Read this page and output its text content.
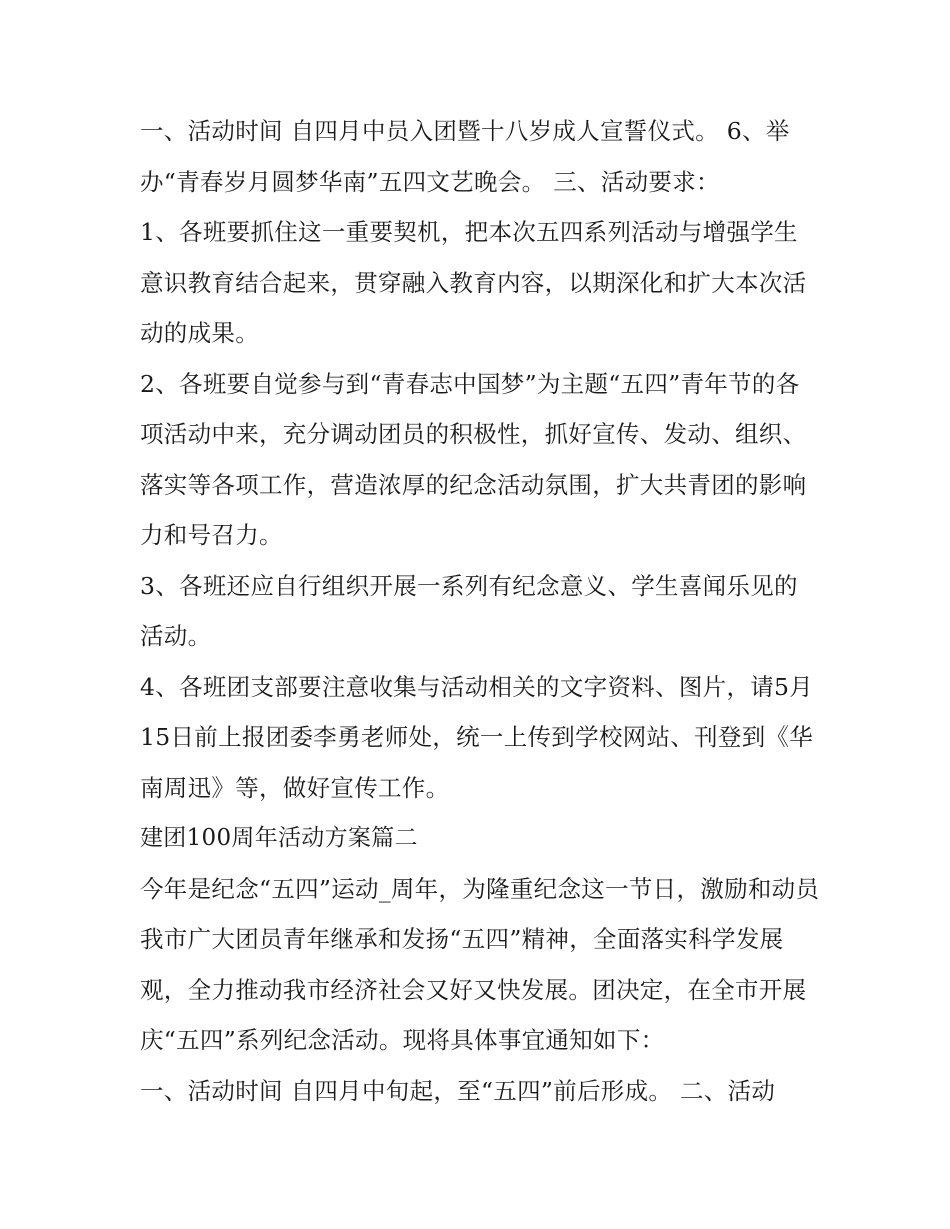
一、活动时间 自四月中员入团暨十八岁成人宣誓仪式。 6、举办“青春岁月圆梦华南”五四文艺晚会。 三、活动要求：

1、各班要抓住这一重要契机，把本次五四系列活动与增强学生意识教育结合起来，贯穿融入教育内容，以期深化和扩大本次活动的成果。

2、各班要自觉参与到“青春志中国梦”为主题“五四”青年节的各项活动中来，充分调动团员的积极性，抓好宣传、发动、组织、落实等各项工作，营造浓厚的纪念活动氛围，扩大共青团的影响力和号召力。

3、各班还应自行组织开展一系列有纪念意义、学生喜闻乐见的活动。

4、各班团支部要注意收集与活动相关的文字资料、图片，请5月15日前上报团委李勇老师处，统一上传到学校网站、刊登到《华南周迅》等，做好宣传工作。

建团100周年活动方案篇二

今年是纪念“五四”运动_周年，为隆重纪念这一节日，激励和动员我市广大团员青年继承和发扬“五四”精神，全面落实科学发展观，全力推动我市经济社会又好又快发展。团决定，在全市开展庆“五四”系列纪念活动。现将具体事宜通知如下：

一、活动时间 自四月中旬起，至“五四”前后形成。 二、活动
